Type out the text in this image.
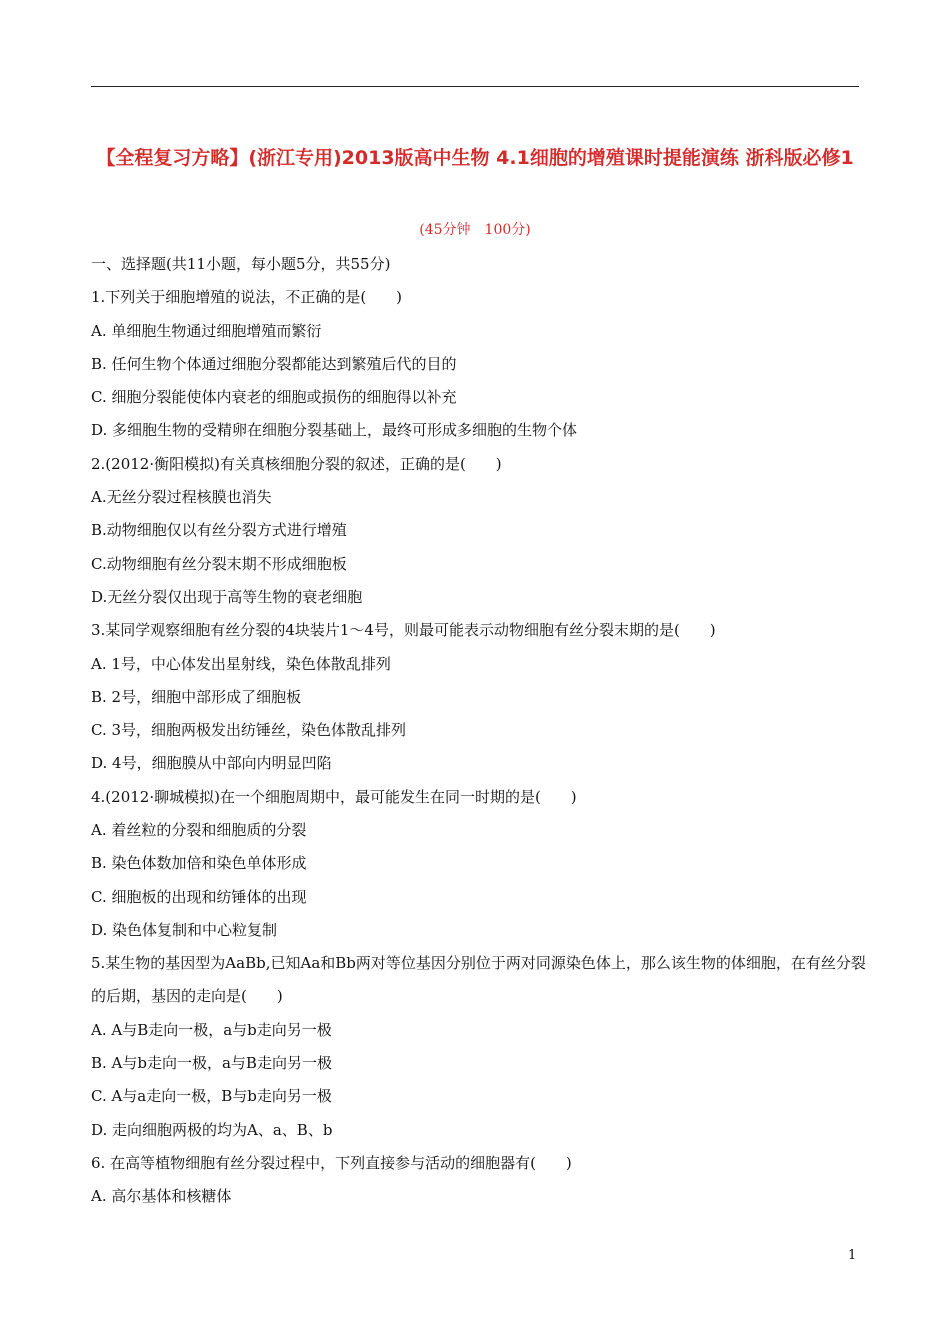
【全程复习方略】(浙江专用)2013版高中生物 4.1细胞的增殖课时提能演练 浙科版必修1
(45分钟　100分)
一、选择题(共11小题，每小题5分，共55分)
1.下列关于细胞增殖的说法，不正确的是(　　)
A. 单细胞生物通过细胞增殖而繁衍
B. 任何生物个体通过细胞分裂都能达到繁殖后代的目的
C. 细胞分裂能使体内衰老的细胞或损伤的细胞得以补充
D. 多细胞生物的受精卵在细胞分裂基础上，最终可形成多细胞的生物个体
2.(2012·衡阳模拟)有关真核细胞分裂的叙述，正确的是(　　)
A.无丝分裂过程核膜也消失
B.动物细胞仅以有丝分裂方式进行增殖
C.动物细胞有丝分裂末期不形成细胞板
D.无丝分裂仅出现于高等生物的衰老细胞
3.某同学观察细胞有丝分裂的4块装片1～4号，则最可能表示动物细胞有丝分裂末期的是(　　)
A. 1号，中心体发出星射线，染色体散乱排列
B. 2号，细胞中部形成了细胞板
C. 3号，细胞两极发出纺锤丝，染色体散乱排列
D. 4号，细胞膜从中部向内明显凹陷
4.(2012·聊城模拟)在一个细胞周期中，最可能发生在同一时期的是(　　)
A. 着丝粒的分裂和细胞质的分裂
B. 染色体数加倍和染色单体形成
C. 细胞板的出现和纺锤体的出现
D. 染色体复制和中心粒复制
5.某生物的基因型为AaBb,已知Aa和Bb两对等位基因分别位于两对同源染色体上，那么该生物的体细胞，在有丝分裂的后期，基因的走向是(　　)
A. A与B走向一极，a与b走向另一极
B. A与b走向一极，a与B走向另一极
C. A与a走向一极，B与b走向另一极
D. 走向细胞两极的均为A、a、B、b
6. 在高等植物细胞有丝分裂过程中，下列直接参与活动的细胞器有(　　)
A. 高尔基体和核糖体
1
